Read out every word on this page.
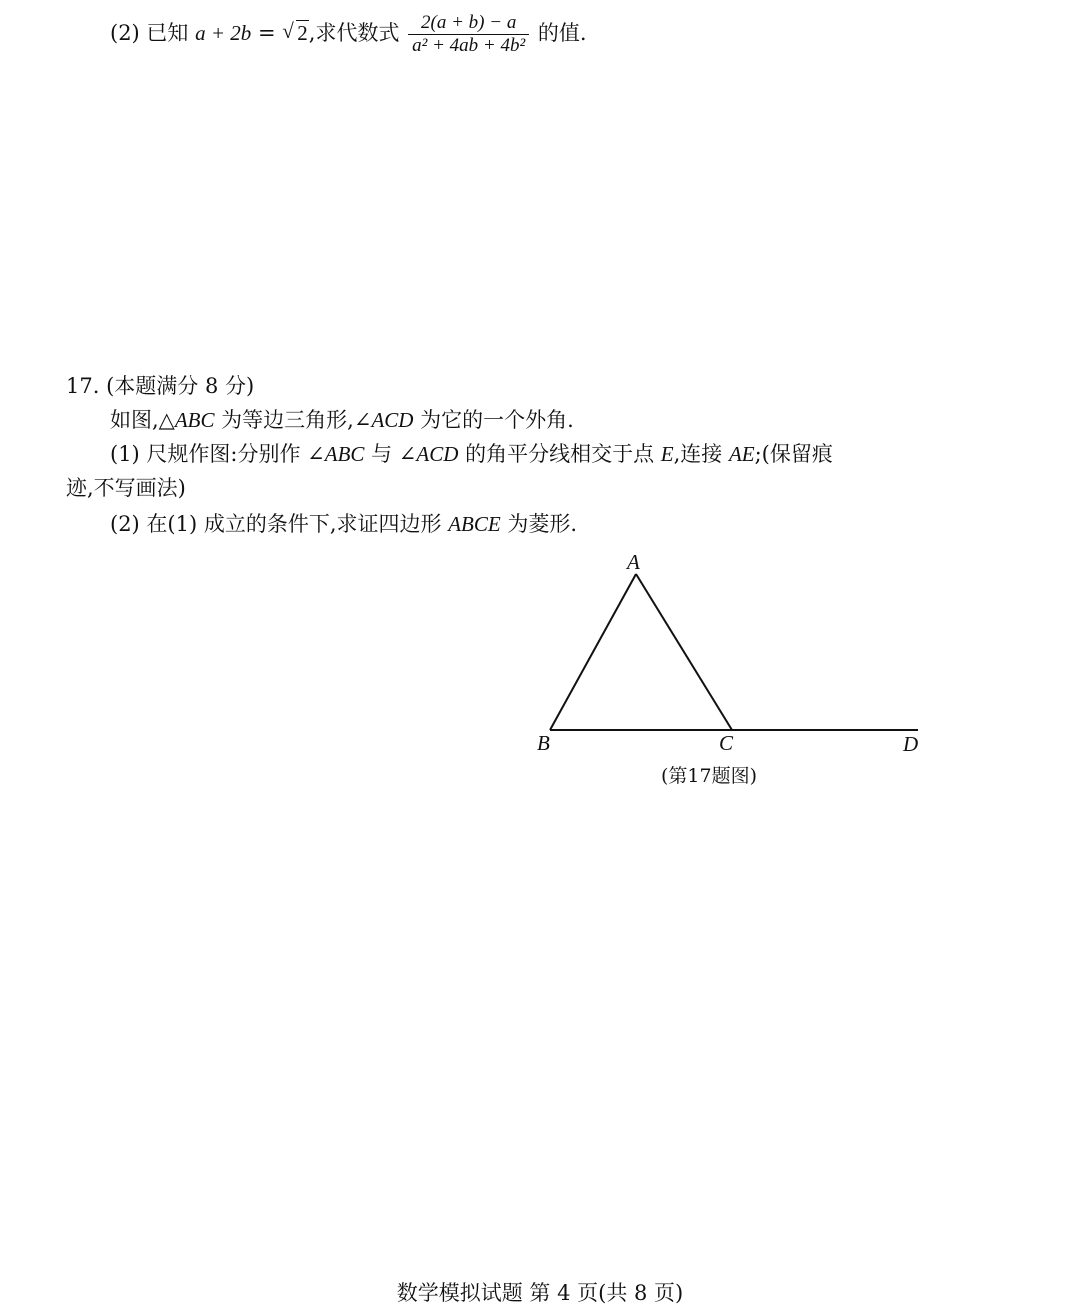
(2) 已知 a + 2b = √ 2,求代数式 $\frac{2(a + b) - a}{\text{a² + 4ab + 4b²}}$ 的值.
17. (本题满分 8 分)
如图,△ABC 为等边三角形,∠ACD 为它的一个外角.
(1) 尺规作图:分别作 ∠ABC 与 ∠ACD 的角平分线相交于点 E,连接 AE;(保留痕
迹,不写画法)
(2) 在(1) 成立的条件下,求证四边形 ABCE 为菱形.
A
B	C	D
(第17题图)
数学模拟试题 第 4 页(共 8 页)
